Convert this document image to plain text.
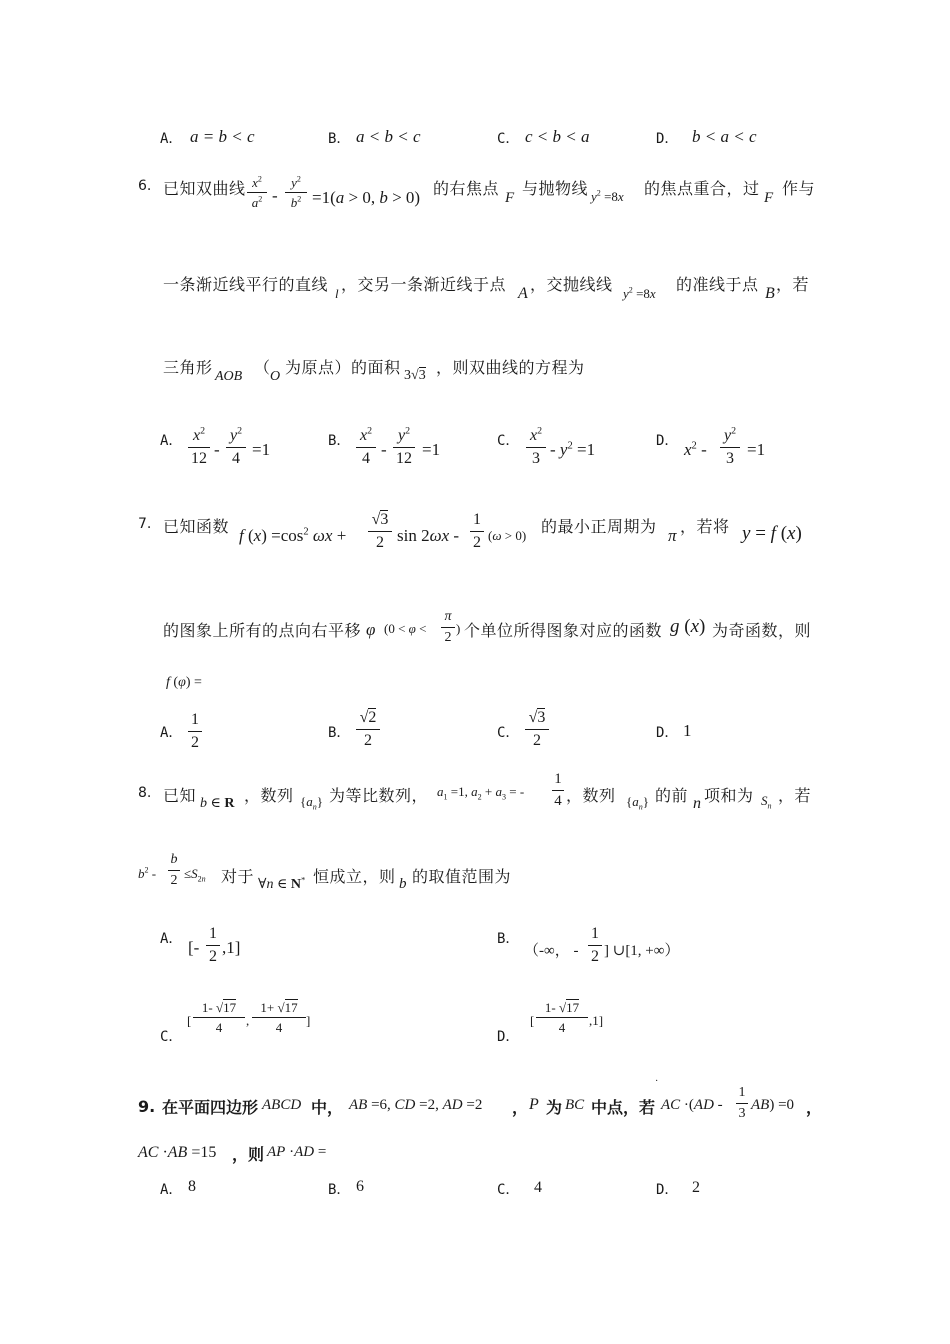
A． a = b < c	B． a < b < c	C． c < b < a	D． b < a < c
6. 已知双曲线 $x^2$
$a^2$ -
$y^2$
$b^2 =1(a > 0$, b > 0) 的右焦点 F 与抛物线 $y^2 =8x$ 的焦点重合，过 F 作与
一条渐近线平行的直线 l ，交另一条渐近线于点 A ，交抛线线 $y^2 =8x$ 的准线于点 B ，若
三角形 AOB （ O 为原点）的面积 3√3 ，则双曲线的方程为
A． $x^2$
12 -
$y^2$
4 =1	B． $x^2$
4 -
$y^2$
12 =1	C． $x^2$
$3 - y^2 =1$	D． $x^2$ -
$y^2$
3 =1
7. 已知函数 f $(x) =\cos^2$ ωx +
√3
2 sin 2ωx -
1
2 (ω > 0) 的最小正周期为 π ，若将 y = f (x)
的图象上所有的点向右平移 φ (0 < φ <
π
2
) 个单位所得图象对应的函数 g (x) 为奇函数，则
f (φ) =
A．
1
2
B．
√2
2	C．
√3
2	D． 1
8. 已知 b ∈ R ，数列 $\{a_n\}$ 为等比数列， $a_1 =1$, $a_2 + a_3$ = -
1
4 ，数列 $\{a_n\}$ 的前 n 项和为 $S_n$
，若
$b^2$ -
b
$2 \le S_{2n}$ 对于 ∀n ∈ N* 恒成立，则 b 的取值范围为
A． [-
1
2 ,1]	B．
（-∞， -
1
2 ] ∪[1, +∞）
C．
[
1- √17
4	,
1+ √17
4	]
D．
[
1- √17
4	,1]
9. 在平面四边形 ABCD 中， AB =6, CD =2, AD =2 ， P 为 BC 中点，若
·
AC ·(AD -
1
3
AB) =0 ，
AC ·AB =15 ，则 AP ·AD =
A． 8	B． 6	C． 4	D． 2
